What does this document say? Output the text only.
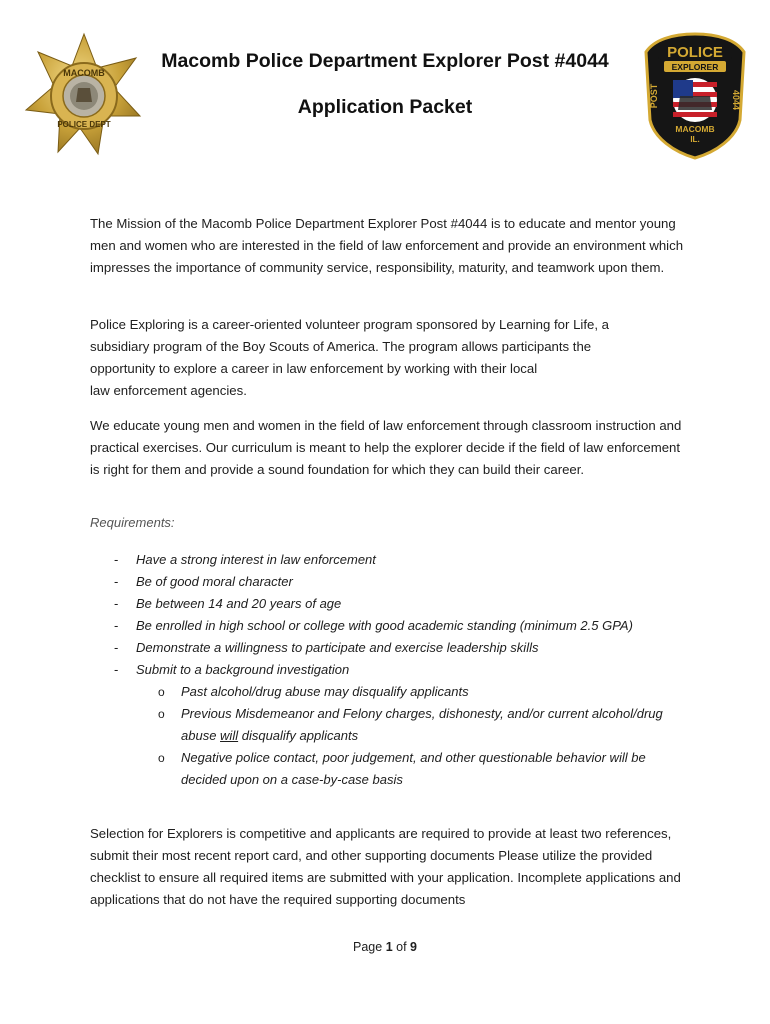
MACOMB
POLICE DEPT
POLICE
EXPLORER
POST	4044
MACOMB
IL.
Macomb Police Department Explorer Post #4044
Application Packet
The Mission of the Macomb Police Department Explorer Post #4044 is to educate and mentor young men and women who are interested in the field of law enforcement and provide an environment which impresses the importance of community service, responsibility, maturity, and teamwork upon them.
Police Exploring is a career-oriented volunteer program sponsored by Learning for Life, a
subsidiary program of the Boy Scouts of America. The program allows participants the
opportunity to explore a career in law enforcement by working with their local
law enforcement agencies.
We educate young men and women in the field of law enforcement through classroom instruction and practical exercises. Our curriculum is meant to help the explorer decide if the field of law enforcement is right for them and provide a sound foundation for which they can build their career.
Requirements:
- Have a strong interest in law enforcement
- Be of good moral character
- Be between 14 and 20 years of age
- Be enrolled in high school or college with good academic standing (minimum 2.5 GPA)
- Demonstrate a willingness to participate and exercise leadership skills
- Submit to a background investigation
o Past alcohol/drug abuse may disqualify applicants
o Previous Misdemeanor and Felony charges, dishonesty, and/or current alcohol/drug abuse will disqualify applicants
o Negative police contact, poor judgement, and other questionable behavior will be decided upon on a case-by-case basis
Selection for Explorers is competitive and applicants are required to provide at least two references, submit their most recent report card, and other supporting documents Please utilize the provided checklist to ensure all required items are submitted with your application. Incomplete applications and applications that do not have the required supporting documents
Page 1 of 9
